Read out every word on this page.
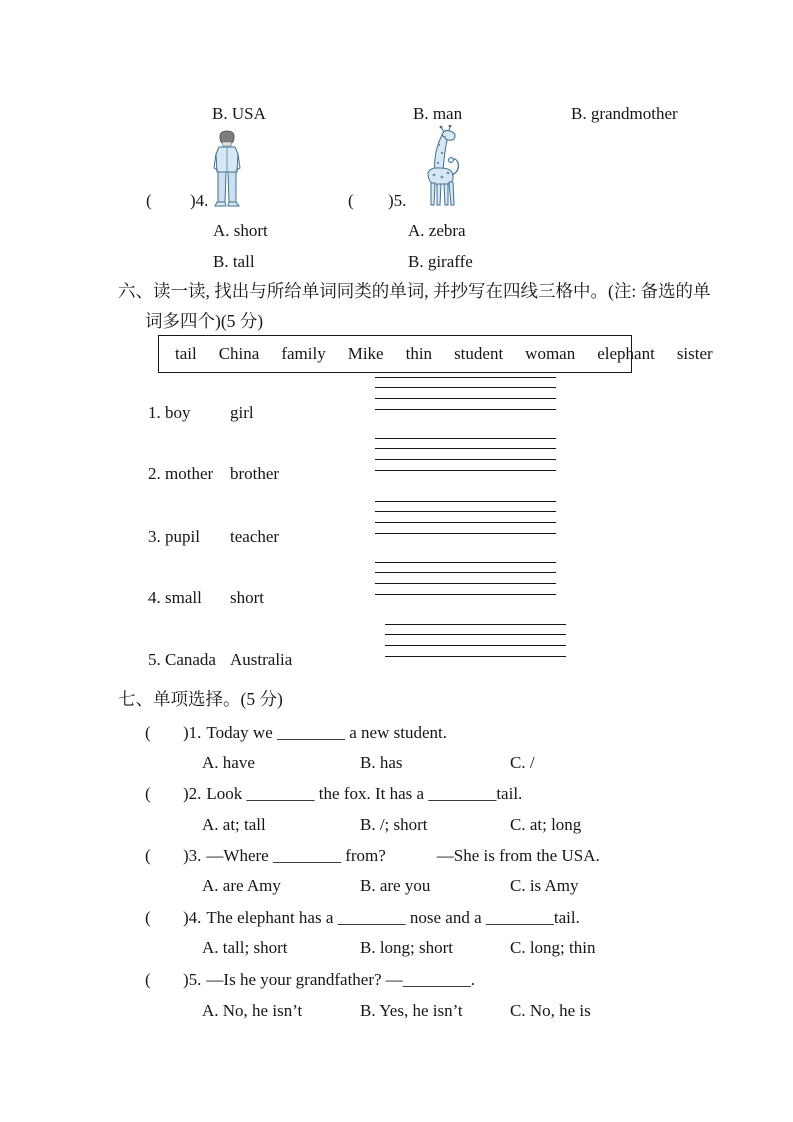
B. USA	B. man	B. grandmother
( )4.
A. short
B. tall
( )5.
A. zebra
B. giraffe
六、读一读, 找出与所给单词同类的单词, 并抄写在四线三格中。(注: 备选的单
词多四个)(5 分)
tail China family Mike thin student woman elephant sister
1. boy girl
2. mother brother
3. pupil teacher
4. small short
5. Canada Australia
七、单项选择。(5 分)
( )1. Today we ________ a new student.
A. have	B. has	C. /
( )2. Look ________ the fox. It has a ________tail.
A. at; tall	B. /; short	C. at; long
( )3. —Where ________ from?            —She is from the USA.
A. are Amy	B. are you	C. is Amy
( )4. The elephant has a ________ nose and a ________tail.
A. tall; short	B. long; short	C. long; thin
( )5. —Is he your grandfather? —________.
A. No, he isn’t	B. Yes, he isn’t	C. No, he is
